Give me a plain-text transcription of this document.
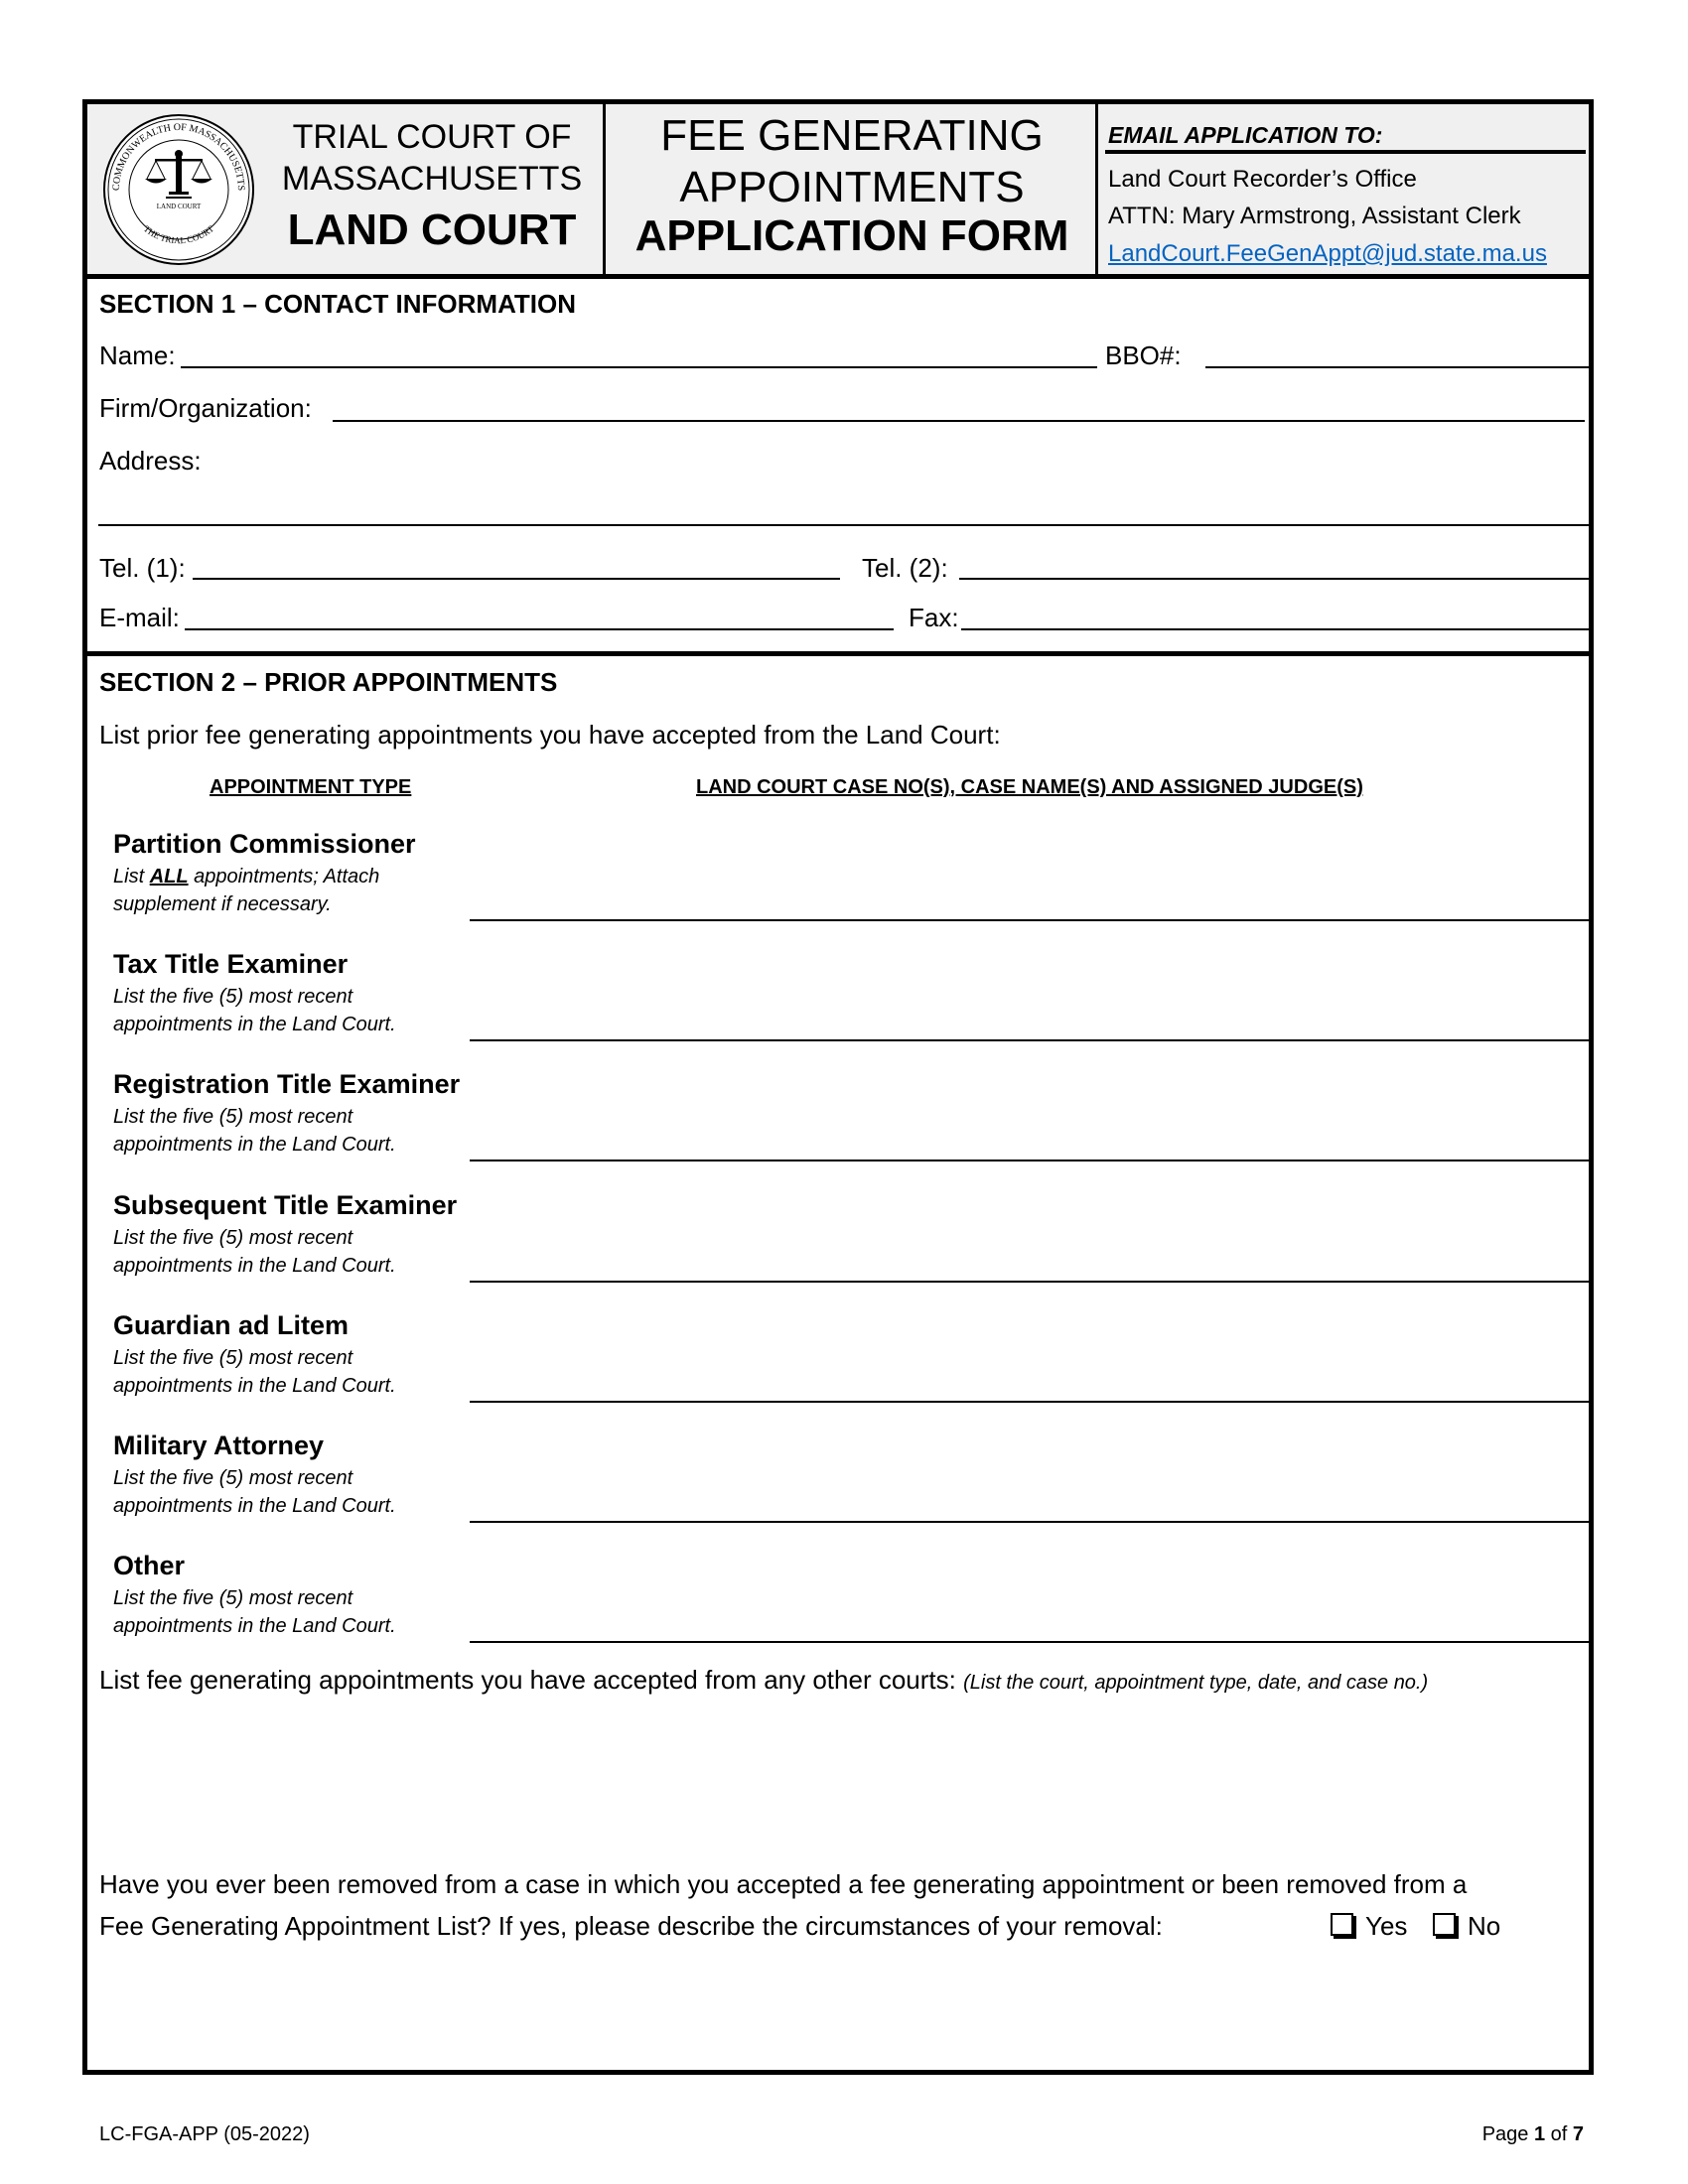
COMMONWEALTH OF MASSACHUSETTS
THE TRIAL COURT
LAND COURT
TRIAL COURT OF
MASSACHUSETTS
LAND COURT
FEE GENERATING
APPOINTMENTS
APPLICATION FORM
EMAIL APPLICATION TO:
Land Court Recorder’s Office
ATTN: Mary Armstrong, Assistant Clerk
LandCourt.FeeGenAppt@jud.state.ma.us
SECTION 1 – CONTACT INFORMATION
Name:	BBO#:
Firm/Organization:
Address:
Tel. (1):	Tel. (2):
E-mail:	Fax:
SECTION 2 – PRIOR APPOINTMENTS
List prior fee generating appointments you have accepted from the Land Court:
APPOINTMENT TYPE	LAND COURT CASE NO(S), CASE NAME(S) AND ASSIGNED JUDGE(S)
Partition Commissioner
List ALL appointments; Attach
supplement if necessary.
Tax Title Examiner
List the five (5) most recent
appointments in the Land Court.
Registration Title Examiner
List the five (5) most recent
appointments in the Land Court.
Subsequent Title Examiner
List the five (5) most recent
appointments in the Land Court.
Guardian ad Litem
List the five (5) most recent
appointments in the Land Court.
Military Attorney
List the five (5) most recent
appointments in the Land Court.
Other
List the five (5) most recent
appointments in the Land Court.
List fee generating appointments you have accepted from any other courts: (List the court, appointment type, date, and case no.)
Have you ever been removed from a case in which you accepted a fee generating appointment or been removed from a
Fee Generating Appointment List? If yes, please describe the circumstances of your removal:	Yes	No
LC-FGA-APP (05-2022)	Page 1 of 7
